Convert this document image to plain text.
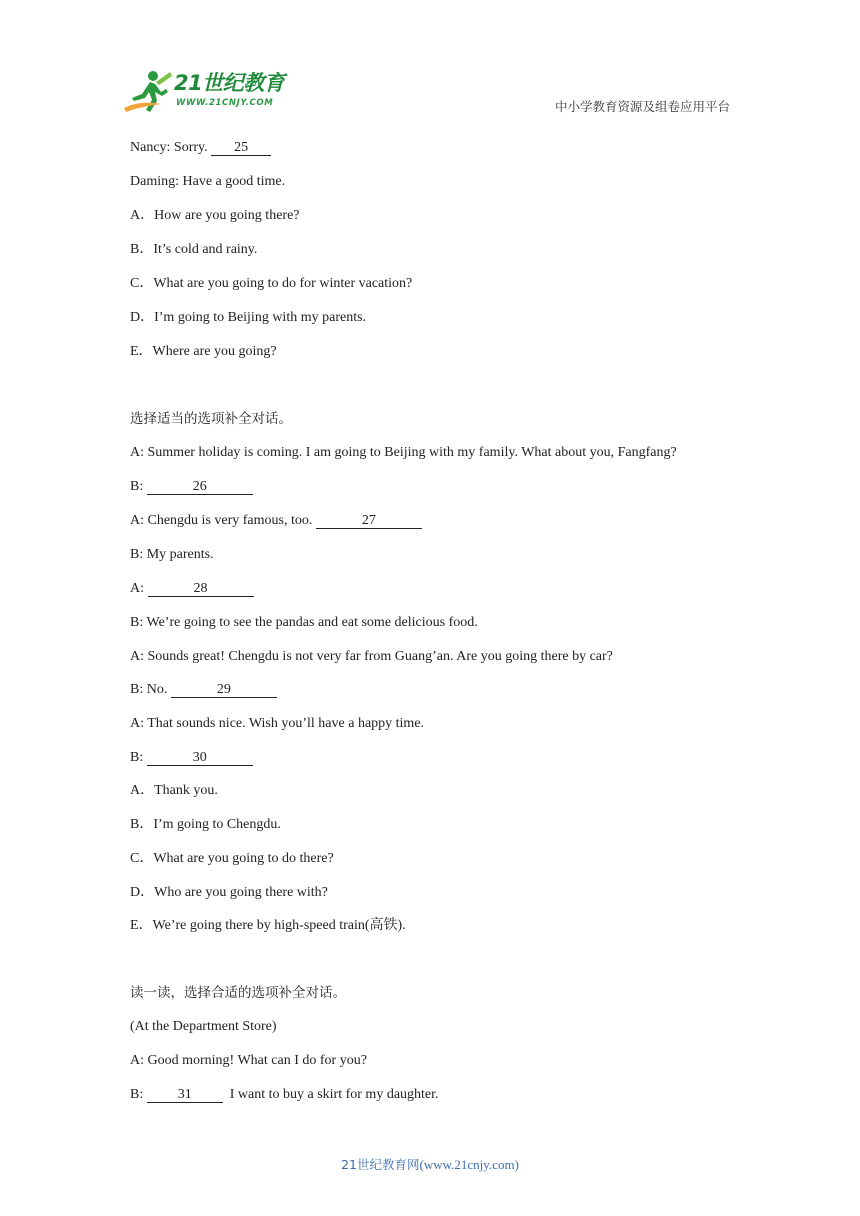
21世纪教育
WWW.21CNJY.COM	中小学教育资源及组卷应用平台
Nancy: Sorry. 25
Daming: Have a good time.
A．How are you going there?
B．It’s cold and rainy.
C．What are you going to do for winter vacation?
D．I’m going to Beijing with my parents.
E．Where are you going?
选择适当的选项补全对话。
A: Summer holiday is coming. I am going to Beijing with my family. What about you, Fangfang?
B:	26
A: Chengdu is very famous, too.	27
B: My parents.
A:	28
B: We’re going to see the pandas and eat some delicious food.
A: Sounds great! Chengdu is not very far from Guang’an. Are you going there by car?
B: No.	29
A: That sounds nice. Wish you’ll have a happy time.
B:	30
A．Thank you.
B．I’m going to Chengdu.
C．What are you going to do there?
D．Who are you going there with?
E．We’re going there by high-speed train(高铁).
读一读，选择合适的选项补全对话。
(At the Department Store)
A: Good morning! What can I do for you?
B: 31  I want to buy a skirt for my daughter.
21世纪教育网(www.21cnjy.com)
